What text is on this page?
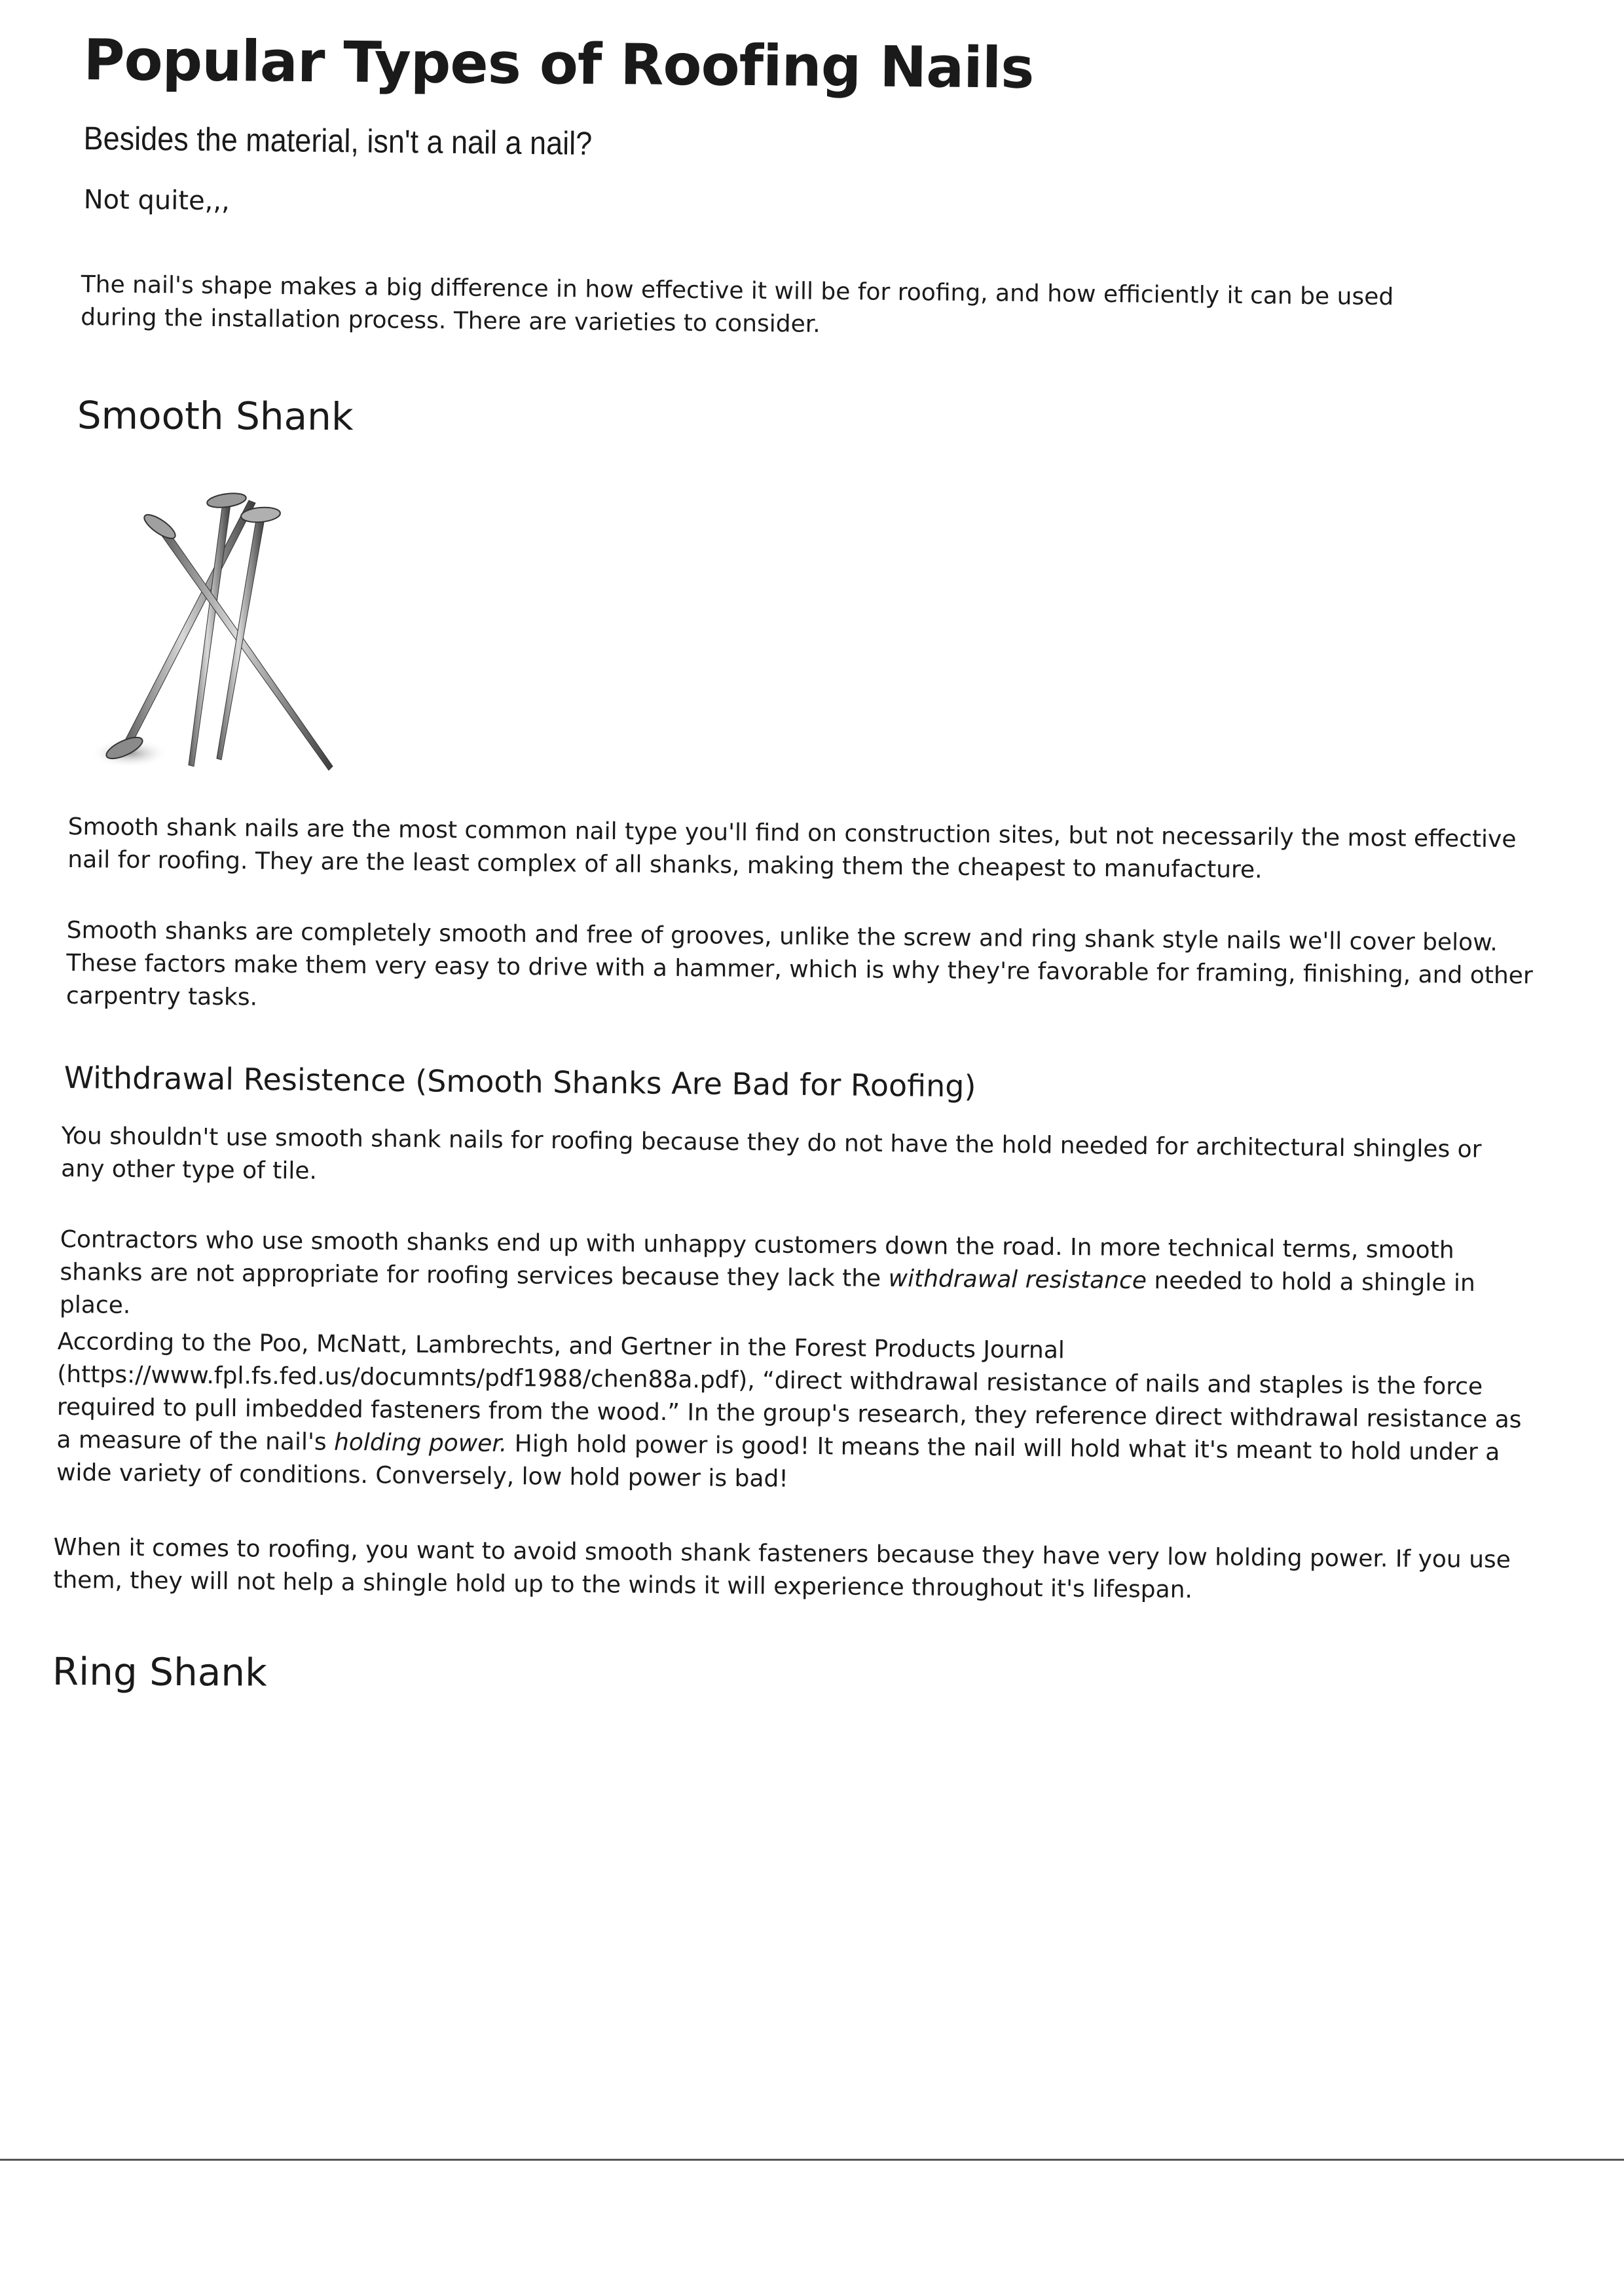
Popular Types of Roofing Nails

Besides the material, isn't a nail a nail?

Not quite,,,

The nail's shape makes a big difference in how effective it will be for roofing, and how efficiently it can be used during the installation process. There are varieties to consider.

Smooth Shank

Smooth shank nails are the most common nail type you'll find on construction sites, but not necessarily the most effective nail for roofing. They are the least complex of all shanks, making them the cheapest to manufacture.

Smooth shanks are completely smooth and free of grooves, unlike the screw and ring shank style nails we'll cover below. These factors make them very easy to drive with a hammer, which is why they're favorable for framing, finishing, and other carpentry tasks.

Withdrawal Resistence (Smooth Shanks Are Bad for Roofing)

You shouldn't use smooth shank nails for roofing because they do not have the hold needed for architectural shingles or any other type of tile.

Contractors who use smooth shanks end up with unhappy customers down the road. In more technical terms, smooth shanks are not appropriate for roofing services because they lack the withdrawal resistance needed to hold a shingle in place.

According to the Poo, McNatt, Lambrechts, and Gertner in the Forest Products Journal (https://www.fpl.fs.fed.us/documnts/pdf1988/chen88a.pdf), “direct withdrawal resistance of nails and staples is the force required to pull imbedded fasteners from the wood.” In the group's research, they reference direct withdrawal resistance as a measure of the nail's holding power. High hold power is good! It means the nail will hold what it's meant to hold under a wide variety of conditions. Conversely, low hold power is bad!

When it comes to roofing, you want to avoid smooth shank fasteners because they have very low holding power. If you use them, they will not help a shingle hold up to the winds it will experience throughout it's lifespan.

Ring Shank
